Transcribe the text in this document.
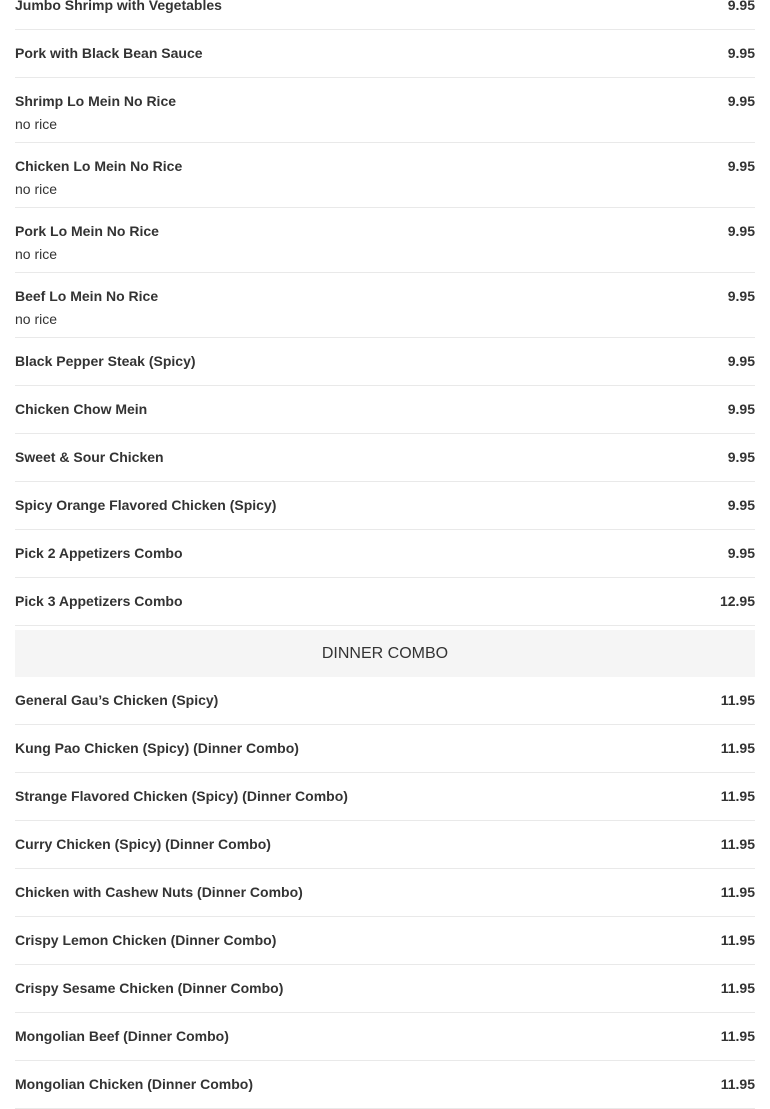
Jumbo Shrimp with Vegetables	9.95
Pork with Black Bean Sauce	9.95
Shrimp Lo Mein No Rice	9.95
no rice
Chicken Lo Mein No Rice	9.95
no rice
Pork Lo Mein No Rice	9.95
no rice
Beef Lo Mein No Rice	9.95
no rice
Black Pepper Steak (Spicy)	9.95
Chicken Chow Mein	9.95
Sweet & Sour Chicken	9.95
Spicy Orange Flavored Chicken (Spicy)	9.95
Pick 2 Appetizers Combo	9.95
Pick 3 Appetizers Combo	12.95
DINNER COMBO
General Gau’s Chicken (Spicy)	11.95
Kung Pao Chicken (Spicy) (Dinner Combo)	11.95
Strange Flavored Chicken (Spicy) (Dinner Combo)	11.95
Curry Chicken (Spicy) (Dinner Combo)	11.95
Chicken with Cashew Nuts (Dinner Combo)	11.95
Crispy Lemon Chicken (Dinner Combo)	11.95
Crispy Sesame Chicken (Dinner Combo)	11.95
Mongolian Beef (Dinner Combo)	11.95
Mongolian Chicken (Dinner Combo)	11.95
